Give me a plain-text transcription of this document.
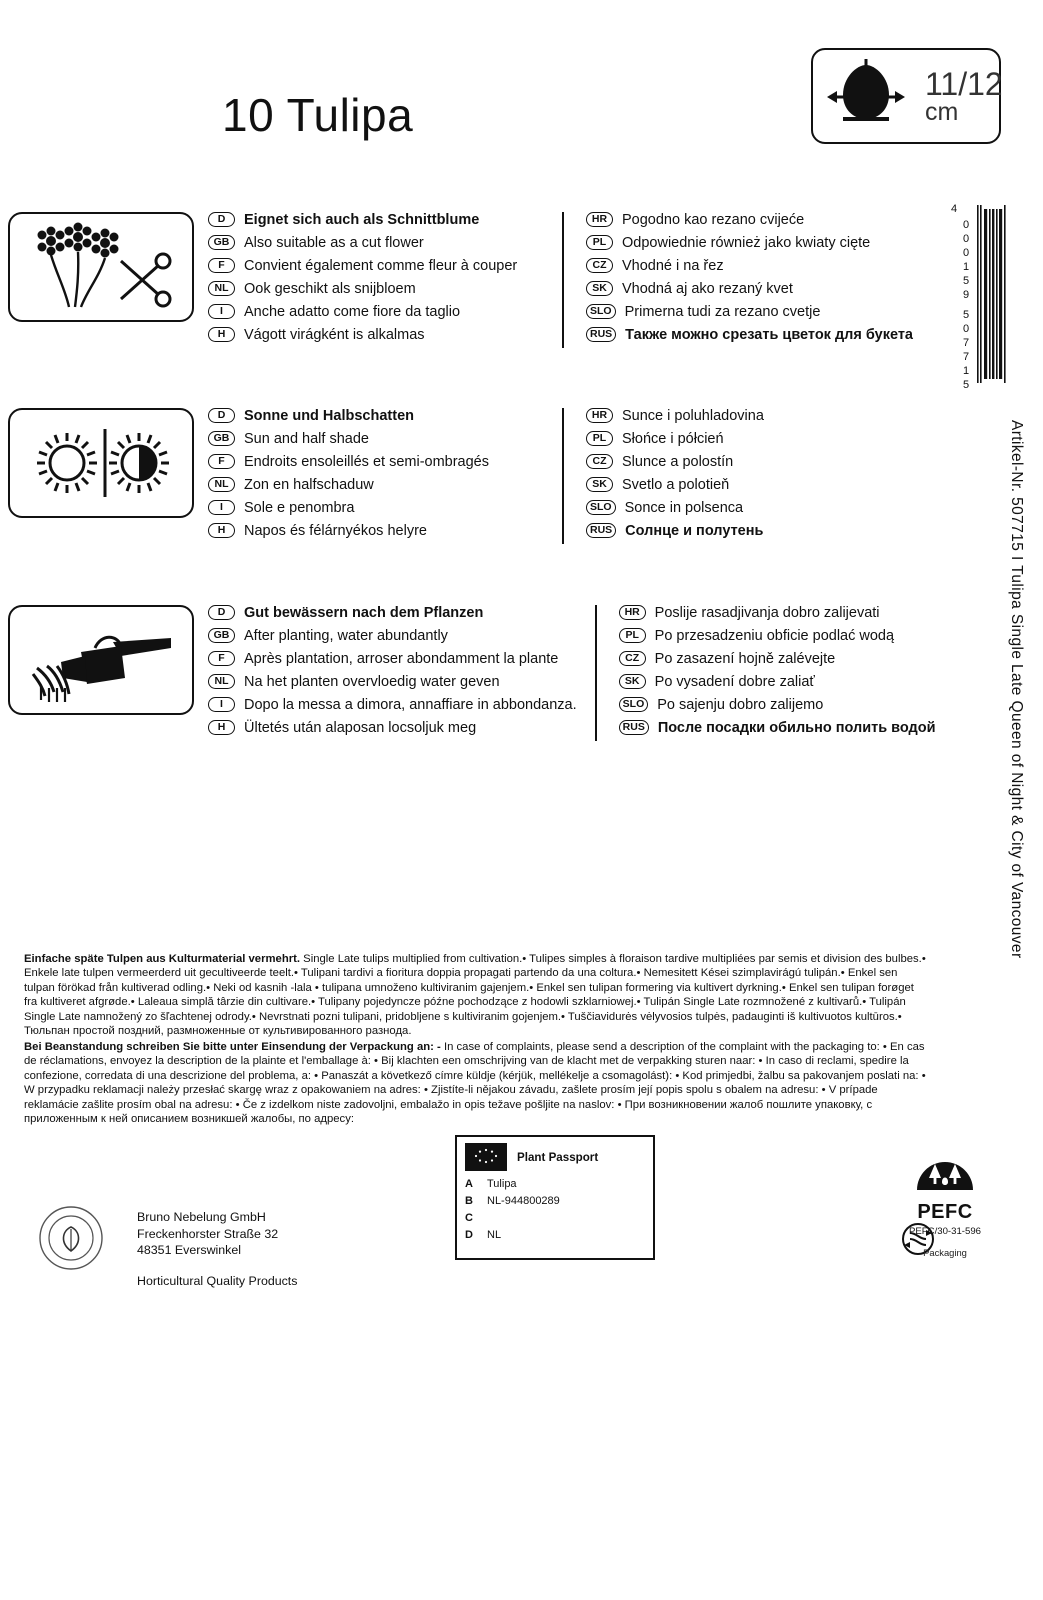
10 Tulipa
11/12
cm
D	Eignet sich auch als Schnittblume
GB	Also suitable as a cut flower
F	Convient également comme fleur à couper
NL	Ook geschikt als snijbloem
I	Anche adatto come fiore da taglio
H	Vágott virágként is alkalmas
HR	Pogodno kao rezano cvijeće
PL	Odpowiednie również jako kwiaty cięte
CZ	Vhodné i na řez
SK	Vhodná aj ako rezaný kvet
SLO Primerna tudi za rezano cvetje
RUS Также можно срезать цветок для букета
D	Sonne und Halbschatten
GB	Sun and half shade
F	Endroits ensoleillés et semi-ombragés
NL	Zon en halfschaduw
I	Sole e penombra
H	Napos és félárnyékos helyre
HR	Sunce i poluhladovina
PL	Słońce i półcień
CZ	Slunce a polostín
SK	Svetlo a polotieň
SLO Sonce in polsenca
RUS Солнце и полутень
D	Gut bewässern nach dem Pflanzen
GB	After planting, water abundantly
F	Après plantation, arroser abondamment la plante
NL	Na het planten overvloedig water geven
I	Dopo la messa a dimora, annaffiare in abbondanza.
H	Ültetés után alaposan locsoljuk meg
HR	Poslije rasadjivanja dobro zalijevati
PL	Po przesadzeniu obficie podlać wodą
CZ	Po zasazení hojně zalévejte
SK	Po vysadení dobre zaliať
SLO Po sajenju dobro zalijemo
RUS После посадки обильно полить водой
4
0
0
0
1
5
9
5
0
7
7
1
5
Artikel-Nr. 507715 I Tulipa Single Late Queen of Night & City of Vancouver
Einfache späte Tulpen aus Kulturmaterial vermehrt. Single Late tulips multiplied from cultivation.• Tulipes simples à floraison tardive multipliées par semis et division des bulbes.• Enkele late tulpen vermeerderd uit gecultiveerde teelt.• Tulipani tardivi a fioritura doppia propagati partendo da una coltura.• Nemesitett Kései szimplavirágú tulipán.• Enkel sen tulpan förökad från kultiverad odling.• Neki od kasnih -lala • tulipana umnoženo kultiviranim gajenjem.• Enkel sen tulipan formering via kultivert dyrkning.• Enkel sen tulipan forøget fra kultiveret afgrøde.• Laleaua simplă târzie din cultivare.• Tulipany pojedyncze późne pochodzące z hodowli szklarniowej.• Tulipán Single Late rozmnožené z kultivarů.• Tulipán Single Late namnožený zo šľachtenej odrody.• Nevrstnati pozni tulipani, pridobljene s kultiviranim gojenjem.• Tuščiavidurės vėlyvosios tulpės, padauginti iš kultivuotos kultūros.• Тюльпан простой поздний, размноженные от культивированного разнода.
Bei Beanstandung schreiben Sie bitte unter Einsendung der Verpackung an: - In case of complaints, please send a description of the complaint with the packaging to: • En cas de réclamations, envoyez la description de la plainte et l'emballage à: • Bij klachten een omschrijving van de klacht met de verpakking sturen naar: • In caso di reclami, spedire la confezione, corredata di una descrizione del problema, a: • Panaszát a következő címre küldje (kérjük, mellékelje a csomagolást): • Kod primjedbi, žalbu sa pakovanjem poslati na: • W przypadku reklamacji należy przesłać skargę wraz z opakowaniem na adres: • Zjistíte-li nějakou závadu, zašlete prosím její popis spolu s obalem na adresu: • V prípade reklamácie zašlite prosím obal na adresu: • Če z izdelkom niste zadovoljni, embalažo in opis težave pošljite na naslov: • При возникновении жалоб пошлите упаковку, с приложенным к ней описанием возникшей жалобы, по адресу:
Bruno Nebelung GmbH
Freckenhorster Straße 32
48351 Everswinkel
Horticultural Quality Products
Plant Passport
A	Tulipa
B	NL-944800289
C
D	NL
PEFC
PEFC/30-31-596
Packaging
